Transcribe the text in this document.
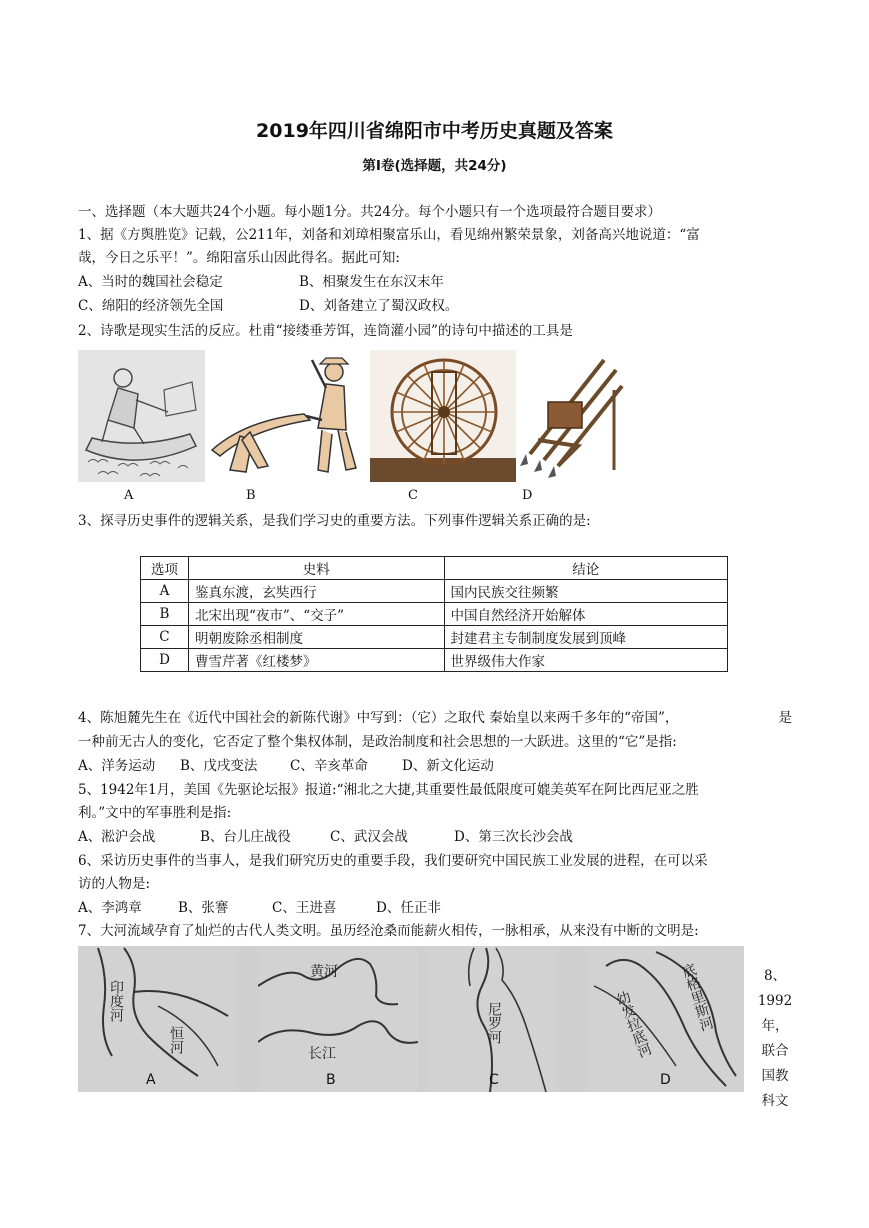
2019年四川省绵阳市中考历史真题及答案
第Ⅰ卷(选择题，共24分)
一、选择题（本大题共24个小题。每小题1分。共24分。每个小题只有一个选项最符合题目要求）
1、据《方舆胜览》记载，公211年，刘备和刘璋相聚富乐山，看见绵州繁荣景象，刘备高兴地说道：“富
哉，今日之乐平！”。绵阳富乐山因此得名。据此可知:
A、当时的魏国社会稳定	B、相聚发生在东汉末年
C、绵阳的经济领先全国	D、刘备建立了蜀汉政权。
2、诗歌是现实生活的反应。杜甫“接缕垂芳饵，连筒灌小园”的诗句中描述的工具是
A	B	C	D
3、探寻历史事件的逻辑关系，是我们学习史的重要方法。下列事件逻辑关系正确的是:
选项	史料	结论
A	鉴真东渡，玄奘西行	国内民族交往频繁
B	北宋出现“夜市”、“交子”	中国自然经济开始解体
C	明朝废除丞相制度	封建君主专制制度发展到顶峰
D	曹雪芹著《红楼梦》	世界级伟大作家
4、陈旭麓先生在《近代中国社会的新陈代谢》中写到：（它）之取代 秦始皇以来两千多年的“帝国”，	是
一种前无古人的变化，它否定了整个集权体制，是政治制度和社会思想的一大跃进。这里的“它”是指:
A、洋务运动 B、戊戌变法 C、辛亥革命	D、新文化运动
5、1942年1月，美国《先驱论坛报》报道:“湘北之大捷,其重要性最低限度可媲美英军在阿比西尼亚之胜
利。”文中的军事胜利是指:
A、淞沪会战	B、台儿庄战役	C、武汉会战	D、第三次长沙会战
6、采访历史事件的当事人，是我们研究历史的重要手段，我们要研究中国民族工业发展的进程，在可以采
访的人物是:
A、李鸿章	B、张謇	C、王进喜	D、任正非
7、大河流域孕育了灿烂的古代人类文明。虽历经沧桑而能薪火相传，一脉相承，从来没有中断的文明是:
印度河
恒河
黄河
长江
尼罗河	底格里斯河
幼发拉底河
A	B	C	D
8、
1992
年，
联合
国教
科文
